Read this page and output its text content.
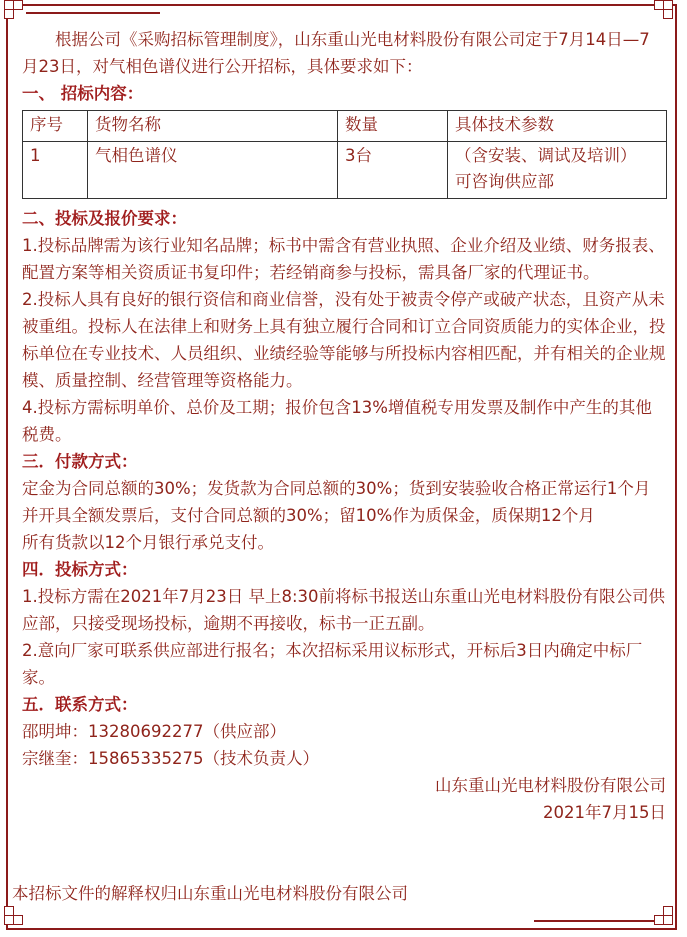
根据公司《采购招标管理制度》，山东重山光电材料股份有限公司定于7月14日—7月23日，对气相色谱仪进行公开招标，具体要求如下：

一、 招标内容：
序号	货物名称	数量	具体技术参数
1	气相色谱仪	3台	（含安装、调试及培训）
可咨询供应部
二、投标及报价要求：

1.投标品牌需为该行业知名品牌；标书中需含有营业执照、企业介绍及业绩、财务报表、配置方案等相关资质证书复印件；若经销商参与投标，需具备厂家的代理证书。

2.投标人具有良好的银行资信和商业信誉，没有处于被责令停产或破产状态，且资产从未被重组。投标人在法律上和财务上具有独立履行合同和订立合同资质能力的实体企业，投标单位在专业技术、人员组织、业绩经验等能够与所投标内容相匹配，并有相关的企业规模、质量控制、经营管理等资格能力。

4.投标方需标明单价、总价及工期；报价包含13%增值税专用发票及制作中产生的其他税费。

三．付款方式：

定金为合同总额的30%；发货款为合同总额的30%；货到安装验收合格正常运行1个月并开具全额发票后，支付合同总额的30%；留10%作为质保金，质保期12个月

所有货款以12个月银行承兑支付。

四．投标方式：

1.投标方需在2021年7月23日 早上8:30前将标书报送山东重山光电材料股份有限公司供应部，只接受现场投标，逾期不再接收，标书一正五副。

2.意向厂家可联系供应部进行报名；本次招标采用议标形式，开标后3日内确定中标厂家。

五．联系方式：

邵明坤：13280692277（供应部）

宗继奎：15865335275（技术负责人）

山东重山光电材料股份有限公司

2021年7月15日

本招标文件的解释权归山东重山光电材料股份有限公司
